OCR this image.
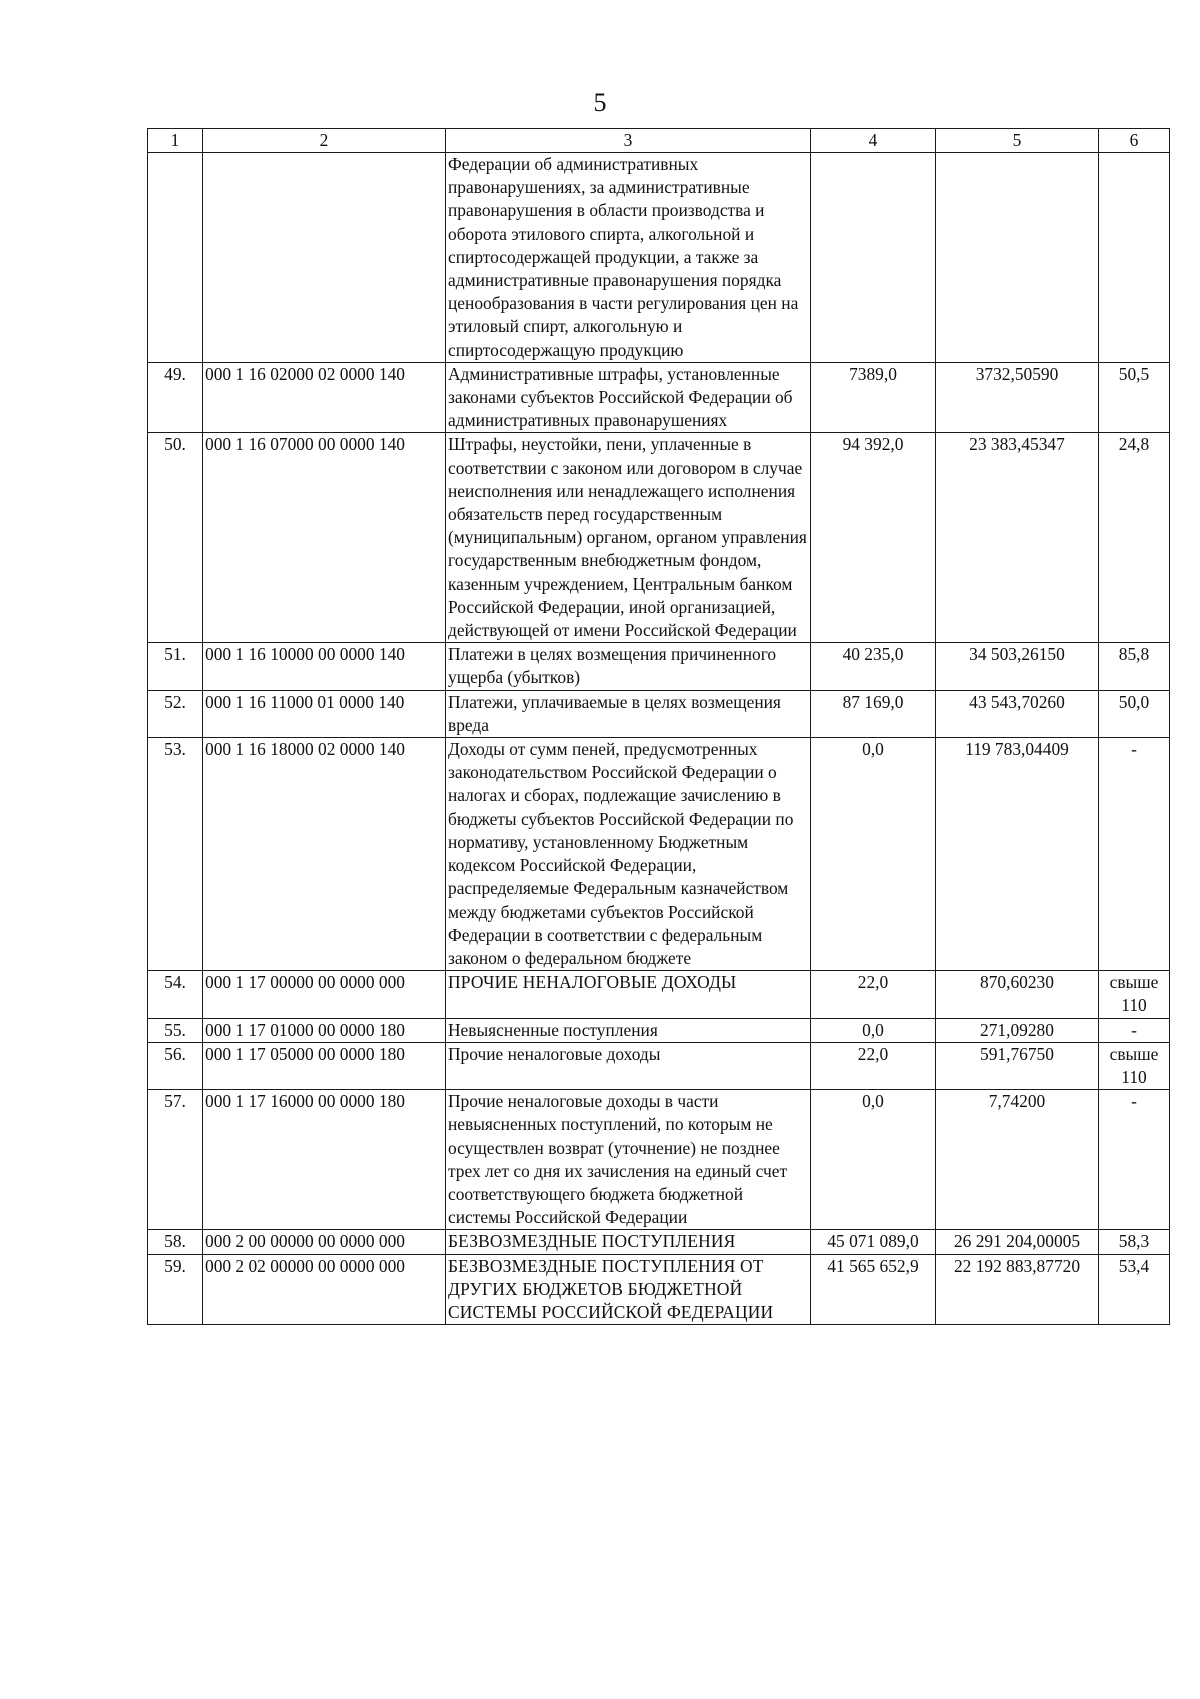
5
1	2	3	4	5	6
		Федерации об административных правонарушениях, за административные правонарушения в области производства и оборота этилового спирта, алкогольной и спиртосодержащей продукции, а также за административные правонарушения порядка ценообразования в части регулирования цен на этиловый спирт, алкогольную и спиртосодержащую продукцию			
49.	000 1 16 02000 02 0000 140	Административные штрафы, установленные законами субъектов Российской Федерации об административных правонарушениях	7389,0	3732,50590	50,5
50.	000 1 16 07000 00 0000 140	Штрафы, неустойки, пени, уплаченные в соответствии с законом или договором в случае неисполнения или ненадлежащего исполнения обязательств перед государственным (муниципальным) органом, органом управления государственным внебюджетным фондом, казенным учреждением, Центральным банком Российской Федерации, иной организацией, действующей от имени Российской Федерации	94 392,0	23 383,45347	24,8
51.	000 1 16 10000 00 0000 140	Платежи в целях возмещения причиненного ущерба (убытков)	40 235,0	34 503,26150	85,8
52.	000 1 16 11000 01 0000 140	Платежи, уплачиваемые в целях возмещения вреда	87 169,0	43 543,70260	50,0
53.	000 1 16 18000 02 0000 140	Доходы от сумм пеней, предусмотренных законодательством Российской Федерации о налогах и сборах, подлежащие зачислению в бюджеты субъектов Российской Федерации по нормативу, установленному Бюджетным кодексом Российской Федерации, распределяемые Федеральным казначейством между бюджетами субъектов Российской Федерации в соответствии с федеральным законом о федеральном бюджете	0,0	119 783,04409	-
54.	000 1 17 00000 00 0000 000	ПРОЧИЕ НЕНАЛОГОВЫЕ ДОХОДЫ	22,0	870,60230	свыше 110
55.	000 1 17 01000 00 0000 180	Невыясненные поступления	0,0	271,09280	-
56.	000 1 17 05000 00 0000 180	Прочие неналоговые доходы	22,0	591,76750	свыше 110
57.	000 1 17 16000 00 0000 180	Прочие неналоговые доходы в части невыясненных поступлений, по которым не осуществлен возврат (уточнение) не позднее трех лет со дня их зачисления на единый счет соответствующего бюджета бюджетной системы Российской Федерации	0,0	7,74200	-
58.	000 2 00 00000 00 0000 000	БЕЗВОЗМЕЗДНЫЕ ПОСТУПЛЕНИЯ	45 071 089,0	26 291 204,00005	58,3
59.	000 2 02 00000 00 0000 000	БЕЗВОЗМЕЗДНЫЕ ПОСТУПЛЕНИЯ ОТ ДРУГИХ БЮДЖЕТОВ БЮДЖЕТНОЙ СИСТЕМЫ РОССИЙСКОЙ ФЕДЕРАЦИИ	41 565 652,9	22 192 883,87720	53,4
